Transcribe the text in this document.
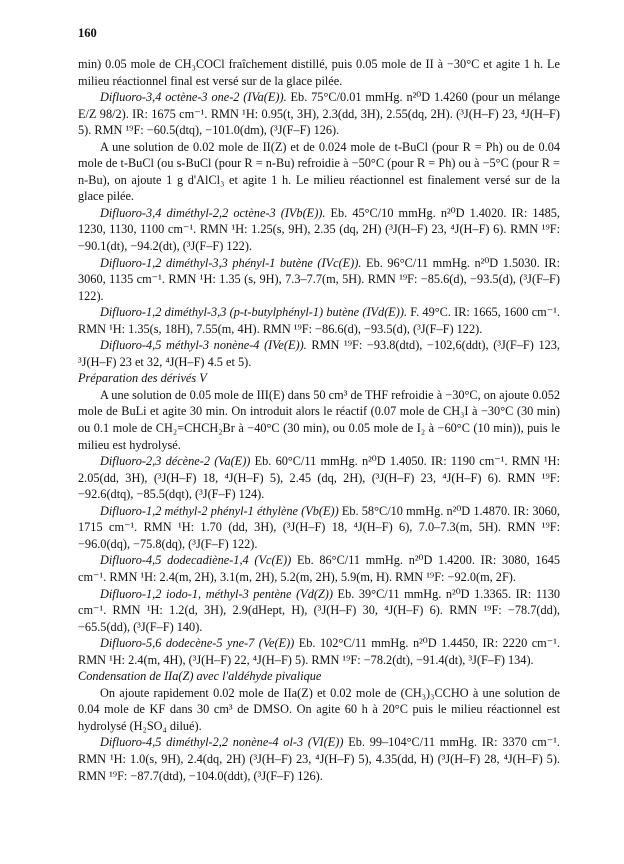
160

min) 0.05 mole de CH₃COCl fraîchement distillé, puis 0.05 mole de II à −30°C et agite 1 h. Le milieu réactionnel final est versé sur de la glace pilée.

Difluoro-3,4 octène-3 one-2 (IVa(E)). Eb. 75°C/0.01 mmHg. n²⁰D 1.4260 (pour un mélange E/Z 98/2). IR: 1675 cm⁻¹. RMN ¹H: 0.95(t, 3H), 2.3(dd, 3H), 2.55(dq, 2H). (³J(H–F) 23, ⁴J(H–F) 5). RMN ¹⁹F: −60.5(dtq), −101.0(dm), (³J(F–F) 126).

A une solution de 0.02 mole de II(Z) et de 0.024 mole de t-BuCl (pour R = Ph) ou de 0.04 mole de t-BuCl (ou s-BuCl (pour R = n-Bu) refroidie à −50°C (pour R = Ph) ou à −5°C (pour R = n-Bu), on ajoute 1 g d'AlCl₃ et agite 1 h. Le milieu réactionnel est finalement versé sur de la glace pilée.

Difluoro-3,4 diméthyl-2,2 octène-3 (IVb(E)). Eb. 45°C/10 mmHg. n²⁰D 1.4020. IR: 1485, 1230, 1130, 1100 cm⁻¹. RMN ¹H: 1.25(s, 9H), 2.35 (dq, 2H) (³J(H–F) 23, ⁴J(H–F) 6). RMN ¹⁹F: −90.1(dt), −94.2(dt), (³J(F–F) 122).

Difluoro-1,2 diméthyl-3,3 phényl-1 butène (IVc(E)). Eb. 96°C/11 mmHg. n²⁰D 1.5030. IR: 3060, 1135 cm⁻¹. RMN ¹H: 1.35 (s, 9H), 7.3–7.7(m, 5H). RMN ¹⁹F: −85.6(d), −93.5(d), (³J(F–F) 122).

Difluoro-1,2 diméthyl-3,3 (p-t-butylphényl-1) butène (IVd(E)). F. 49°C. IR: 1665, 1600 cm⁻¹. RMN ¹H: 1.35(s, 18H), 7.55(m, 4H). RMN ¹⁹F: −86.6(d), −93.5(d), (³J(F–F) 122).

Difluoro-4,5 méthyl-3 nonène-4 (IVe(E)). RMN ¹⁹F: −93.8(dtd), −102,6(ddt), (³J(F–F) 123, ³J(H–F) 23 et 32, ⁴J(H–F) 4.5 et 5).

Préparation des dérivés V

A une solution de 0.05 mole de III(E) dans 50 cm³ de THF refroidie à −30°C, on ajoute 0.052 mole de BuLi et agite 30 min. On introduit alors le réactif (0.07 mole de CH₃I à −30°C (30 min) ou 0.1 mole de CH₂=CHCH₂Br à −40°C (30 min), ou 0.05 mole de I₂ à −60°C (10 min)), puis le milieu est hydrolysé.

Difluoro-2,3 décène-2 (Va(E)) Eb. 60°C/11 mmHg. n²⁰D 1.4050. IR: 1190 cm⁻¹. RMN ¹H: 2.05(dd, 3H), (³J(H–F) 18, ⁴J(H–F) 5), 2.45 (dq, 2H), (³J(H–F) 23, ⁴J(H–F) 6). RMN ¹⁹F: −92.6(dtq), −85.5(dqt), (³J(F–F) 124).

Difluoro-1,2 méthyl-2 phényl-1 éthylène (Vb(E)) Eb. 58°C/10 mmHg. n²⁰D 1.4870. IR: 3060, 1715 cm⁻¹. RMN ¹H: 1.70 (dd, 3H), (³J(H–F) 18, ⁴J(H–F) 6), 7.0–7.3(m, 5H). RMN ¹⁹F: −96.0(dq), −75.8(dq), (³J(F–F) 122).

Difluoro-4,5 dodecadiène-1,4 (Vc(E)) Eb. 86°C/11 mmHg. n²⁰D 1.4200. IR: 3080, 1645 cm⁻¹. RMN ¹H: 2.4(m, 2H), 3.1(m, 2H), 5.2(m, 2H), 5.9(m, H). RMN ¹⁹F: −92.0(m, 2F).

Difluoro-1,2 iodo-1, méthyl-3 pentène (Vd(Z)) Eb. 39°C/11 mmHg. n²⁰D 1.3365. IR: 1130 cm⁻¹. RMN ¹H: 1.2(d, 3H), 2.9(dHept, H), (³J(H–F) 30, ⁴J(H–F) 6). RMN ¹⁹F: −78.7(dd), −65.5(dd), (³J(F–F) 140).

Difluoro-5,6 dodecène-5 yne-7 (Ve(E)) Eb. 102°C/11 mmHg. n²⁰D 1.4450, IR: 2220 cm⁻¹. RMN ¹H: 2.4(m, 4H), (³J(H–F) 22, ⁴J(H–F) 5). RMN ¹⁹F: −78.2(dt), −91.4(dt), ³J(F–F) 134).

Condensation de IIa(Z) avec l'aldéhyde pivalique

On ajoute rapidement 0.02 mole de IIa(Z) et 0.02 mole de (CH₃)₃CCHO à une solution de 0.04 mole de KF dans 30 cm³ de DMSO. On agite 60 h à 20°C puis le milieu réactionnel est hydrolysé (H₂SO₄ dilué).

Difluoro-4,5 diméthyl-2,2 nonène-4 ol-3 (VI(E)) Eb. 99–104°C/11 mmHg. IR: 3370 cm⁻¹. RMN ¹H: 1.0(s, 9H), 2.4(dq, 2H) (³J(H–F) 23, ⁴J(H–F) 5), 4.35(dd, H) (³J(H–F) 28, ⁴J(H–F) 5). RMN ¹⁹F: −87.7(dtd), −104.0(ddt), (³J(F–F) 126).
